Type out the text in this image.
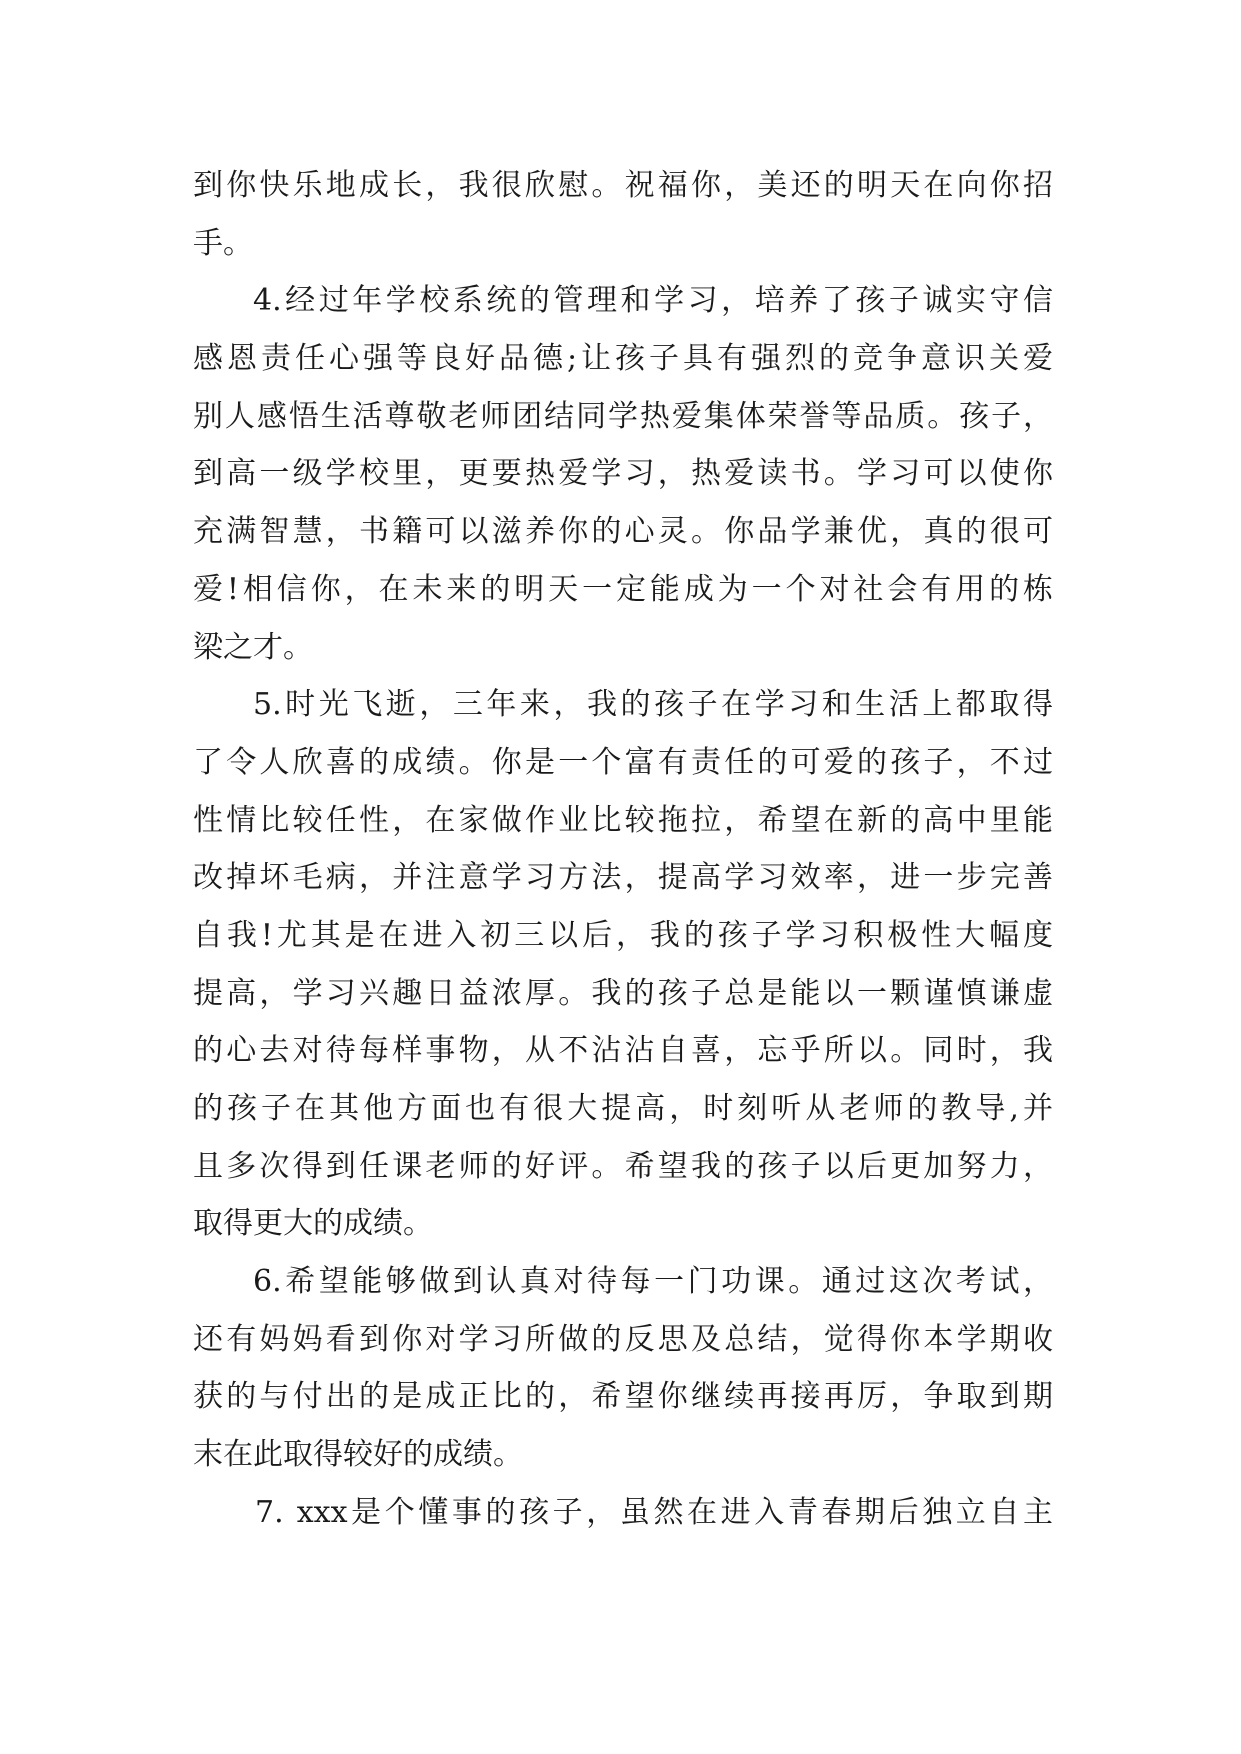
到你快乐地成长，我很欣慰。祝福你，美还的明天在向你招
手。
4.经过年学校系统的管理和学习，培养了孩子诚实守信
感恩责任心强等良好品德;让孩子具有强烈的竞争意识关爱
别人感悟生活尊敬老师团结同学热爱集体荣誉等品质。孩子，
到高一级学校里，更要热爱学习，热爱读书。学习可以使你
充满智慧，书籍可以滋养你的心灵。你品学兼优，真的很可
爱!相信你，在未来的明天一定能成为一个对社会有用的栋
梁之才。
5.时光飞逝，三年来，我的孩子在学习和生活上都取得
了令人欣喜的成绩。你是一个富有责任的可爱的孩子，不过
性情比较任性，在家做作业比较拖拉，希望在新的高中里能
改掉坏毛病，并注意学习方法，提高学习效率，进一步完善
自我!尤其是在进入初三以后，我的孩子学习积极性大幅度
提高，学习兴趣日益浓厚。我的孩子总是能以一颗谨慎谦虚
的心去对待每样事物，从不沾沾自喜，忘乎所以。同时，我
的孩子在其他方面也有很大提高，时刻听从老师的教导,并
且多次得到任课老师的好评。希望我的孩子以后更加努力，
取得更大的成绩。
6.希望能够做到认真对待每一门功课。通过这次考试，
还有妈妈看到你对学习所做的反思及总结，觉得你本学期收
获的与付出的是成正比的，希望你继续再接再厉，争取到期
末在此取得较好的成绩。
7. xxx是个懂事的孩子，虽然在进入青春期后独立自主
